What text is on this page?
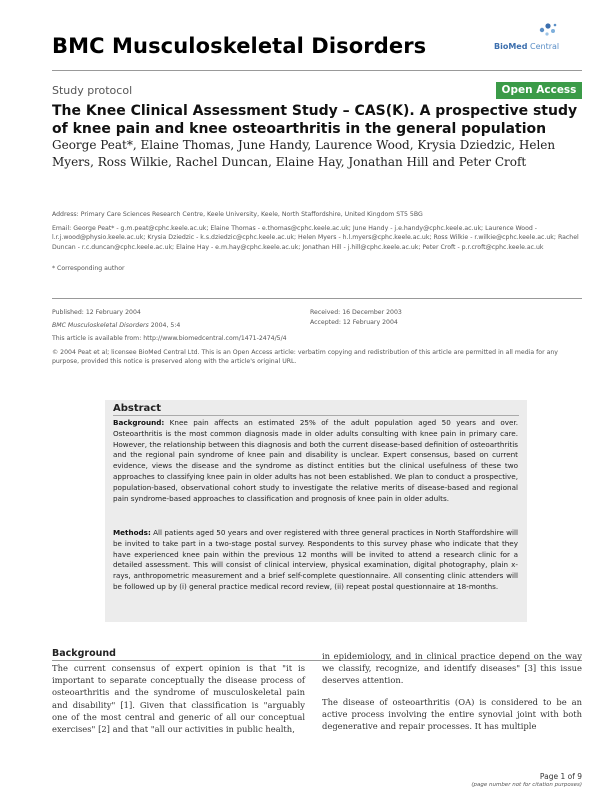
BMC Musculoskeletal Disorders	BioMed Central
Study protocol	Open Access
The Knee Clinical Assessment Study – CAS(K). A prospective study of knee pain and knee osteoarthritis in the general population
George Peat*, Elaine Thomas, June Handy, Laurence Wood, Krysia Dziedzic, Helen Myers, Ross Wilkie, Rachel Duncan, Elaine Hay, Jonathan Hill and Peter Croft
Address: Primary Care Sciences Research Centre, Keele University, Keele, North Staffordshire, United Kingdom ST5 5BG
Email: George Peat* - g.m.peat@cphc.keele.ac.uk; Elaine Thomas - e.thomas@cphc.keele.ac.uk; June Handy - j.e.handy@cphc.keele.ac.uk; Laurence Wood - l.r.j.wood@physio.keele.ac.uk; Krysia Dziedzic - k.s.dziedzic@cphc.keele.ac.uk; Helen Myers - h.l.myers@cphc.keele.ac.uk; Ross Wilkie - r.wilkie@cphc.keele.ac.uk; Rachel Duncan - r.c.duncan@cphc.keele.ac.uk; Elaine Hay - e.m.hay@cphc.keele.ac.uk; Jonathan Hill - j.hill@cphc.keele.ac.uk; Peter Croft - p.r.croft@cphc.keele.ac.uk
* Corresponding author
Published: 12 February 2004
BMC Musculoskeletal Disorders 2004, 5:4
Received: 16 December 2003
Accepted: 12 February 2004
This article is available from: http://www.biomedcentral.com/1471-2474/5/4
© 2004 Peat et al; licensee BioMed Central Ltd. This is an Open Access article: verbatim copying and redistribution of this article are permitted in all media for any purpose, provided this notice is preserved along with the article's original URL.
Abstract
Background: Knee pain affects an estimated 25% of the adult population aged 50 years and over. Osteoarthritis is the most common diagnosis made in older adults consulting with knee pain in primary care. However, the relationship between this diagnosis and both the current disease-based definition of osteoarthritis and the regional pain syndrome of knee pain and disability is unclear. Expert consensus, based on current evidence, views the disease and the syndrome as distinct entities but the clinical usefulness of these two approaches to classifying knee pain in older adults has not been established. We plan to conduct a prospective, population-based, observational cohort study to investigate the relative merits of disease-based and regional pain syndrome-based approaches to classification and prognosis of knee pain in older adults.
Methods: All patients aged 50 years and over registered with three general practices in North Staffordshire will be invited to take part in a two-stage postal survey. Respondents to this survey phase who indicate that they have experienced knee pain within the previous 12 months will be invited to attend a research clinic for a detailed assessment. This will consist of clinical interview, physical examination, digital photography, plain x-rays, anthropometric measurement and a brief self-complete questionnaire. All consenting clinic attenders will be followed up by (i) general practice medical record review, (ii) repeat postal questionnaire at 18-months.
Background
The current consensus of expert opinion is that "it is important to separate conceptually the disease process of osteoarthritis and the syndrome of musculoskeletal pain and disability" [1]. Given that classification is "arguably one of the most central and generic of all our conceptual exercises" [2] and that "all our activities in public health,
in epidemiology, and in clinical practice depend on the way we classify, recognize, and identify diseases" [3] this issue deserves attention.
The disease of osteoarthritis (OA) is considered to be an active process involving the entire synovial joint with both degenerative and repair processes. It has multiple
Page 1 of 9
(page number not for citation purposes)
